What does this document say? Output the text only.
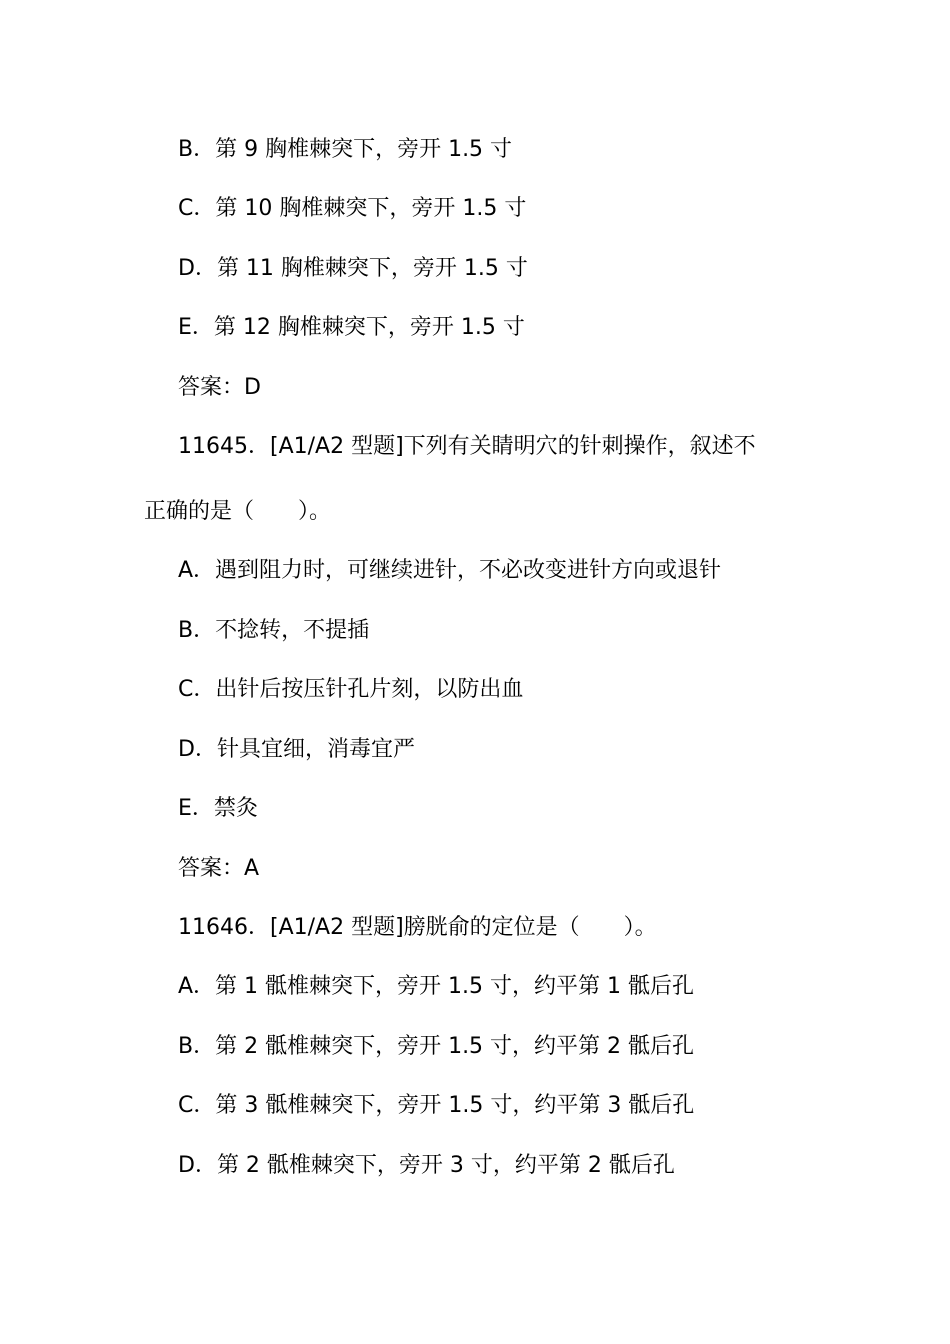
B．第 9 胸椎棘突下，旁开 1.5 寸
C．第 10 胸椎棘突下，旁开 1.5 寸
D．第 11 胸椎棘突下，旁开 1.5 寸
E．第 12 胸椎棘突下，旁开 1.5 寸
答案：D
11645．[A1/A2 型题]下列有关睛明穴的针刺操作，叙述不
正确的是（　　）。
A．遇到阻力时，可继续进针，不必改变进针方向或退针
B．不捻转，不提插
C．出针后按压针孔片刻，以防出血
D．针具宜细，消毒宜严
E．禁灸
答案：A
11646．[A1/A2 型题]膀胱俞的定位是（　　）。
A．第 1 骶椎棘突下，旁开 1.5 寸，约平第 1 骶后孔
B．第 2 骶椎棘突下，旁开 1.5 寸，约平第 2 骶后孔
C．第 3 骶椎棘突下，旁开 1.5 寸，约平第 3 骶后孔
D．第 2 骶椎棘突下，旁开 3 寸，约平第 2 骶后孔
